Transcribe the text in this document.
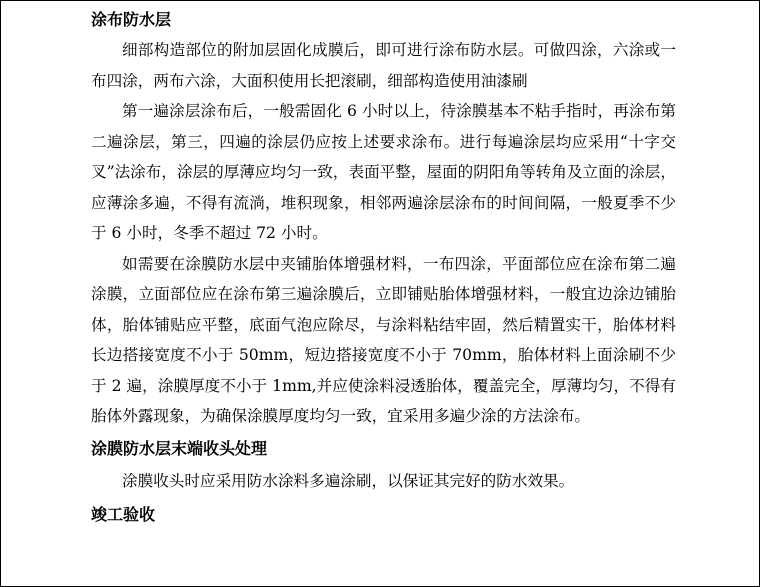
涂布防水层

细部构造部位的附加层固化成膜后，即可进行涂布防水层。可做四涂，六涂或一布四涂，两布六涂，大面积使用长把滚刷，细部构造使用油漆刷

第一遍涂层涂布后，一般需固化 6 小时以上，待涂膜基本不粘手指时，再涂布第二遍涂层，第三，四遍的涂层仍应按上述要求涂布。进行每遍涂层均应采用“十字交叉”法涂布，涂层的厚薄应均匀一致，表面平整，屋面的阴阳角等转角及立面的涂层，应薄涂多遍，不得有流淌，堆积现象，相邻两遍涂层涂布的时间间隔，一般夏季不少于 6 小时，冬季不超过 72 小时。

如需要在涂膜防水层中夹铺胎体增强材料，一布四涂，平面部位应在涂布第二遍涂膜，立面部位应在涂布第三遍涂膜后，立即铺贴胎体增强材料，一般宜边涂边铺胎体，胎体铺贴应平整，底面气泡应除尽，与涂料粘结牢固，然后精置实干，胎体材料长边搭接宽度不小于 50mm，短边搭接宽度不小于 70mm，胎体材料上面涂刷不少于 2 遍，涂膜厚度不小于 1mm,并应使涂料浸透胎体，覆盖完全，厚薄均匀，不得有胎体外露现象，为确保涂膜厚度均匀一致，宜采用多遍少涂的方法涂布。

涂膜防水层末端收头处理

涂膜收头时应采用防水涂料多遍涂刷，以保证其完好的防水效果。

竣工验收
